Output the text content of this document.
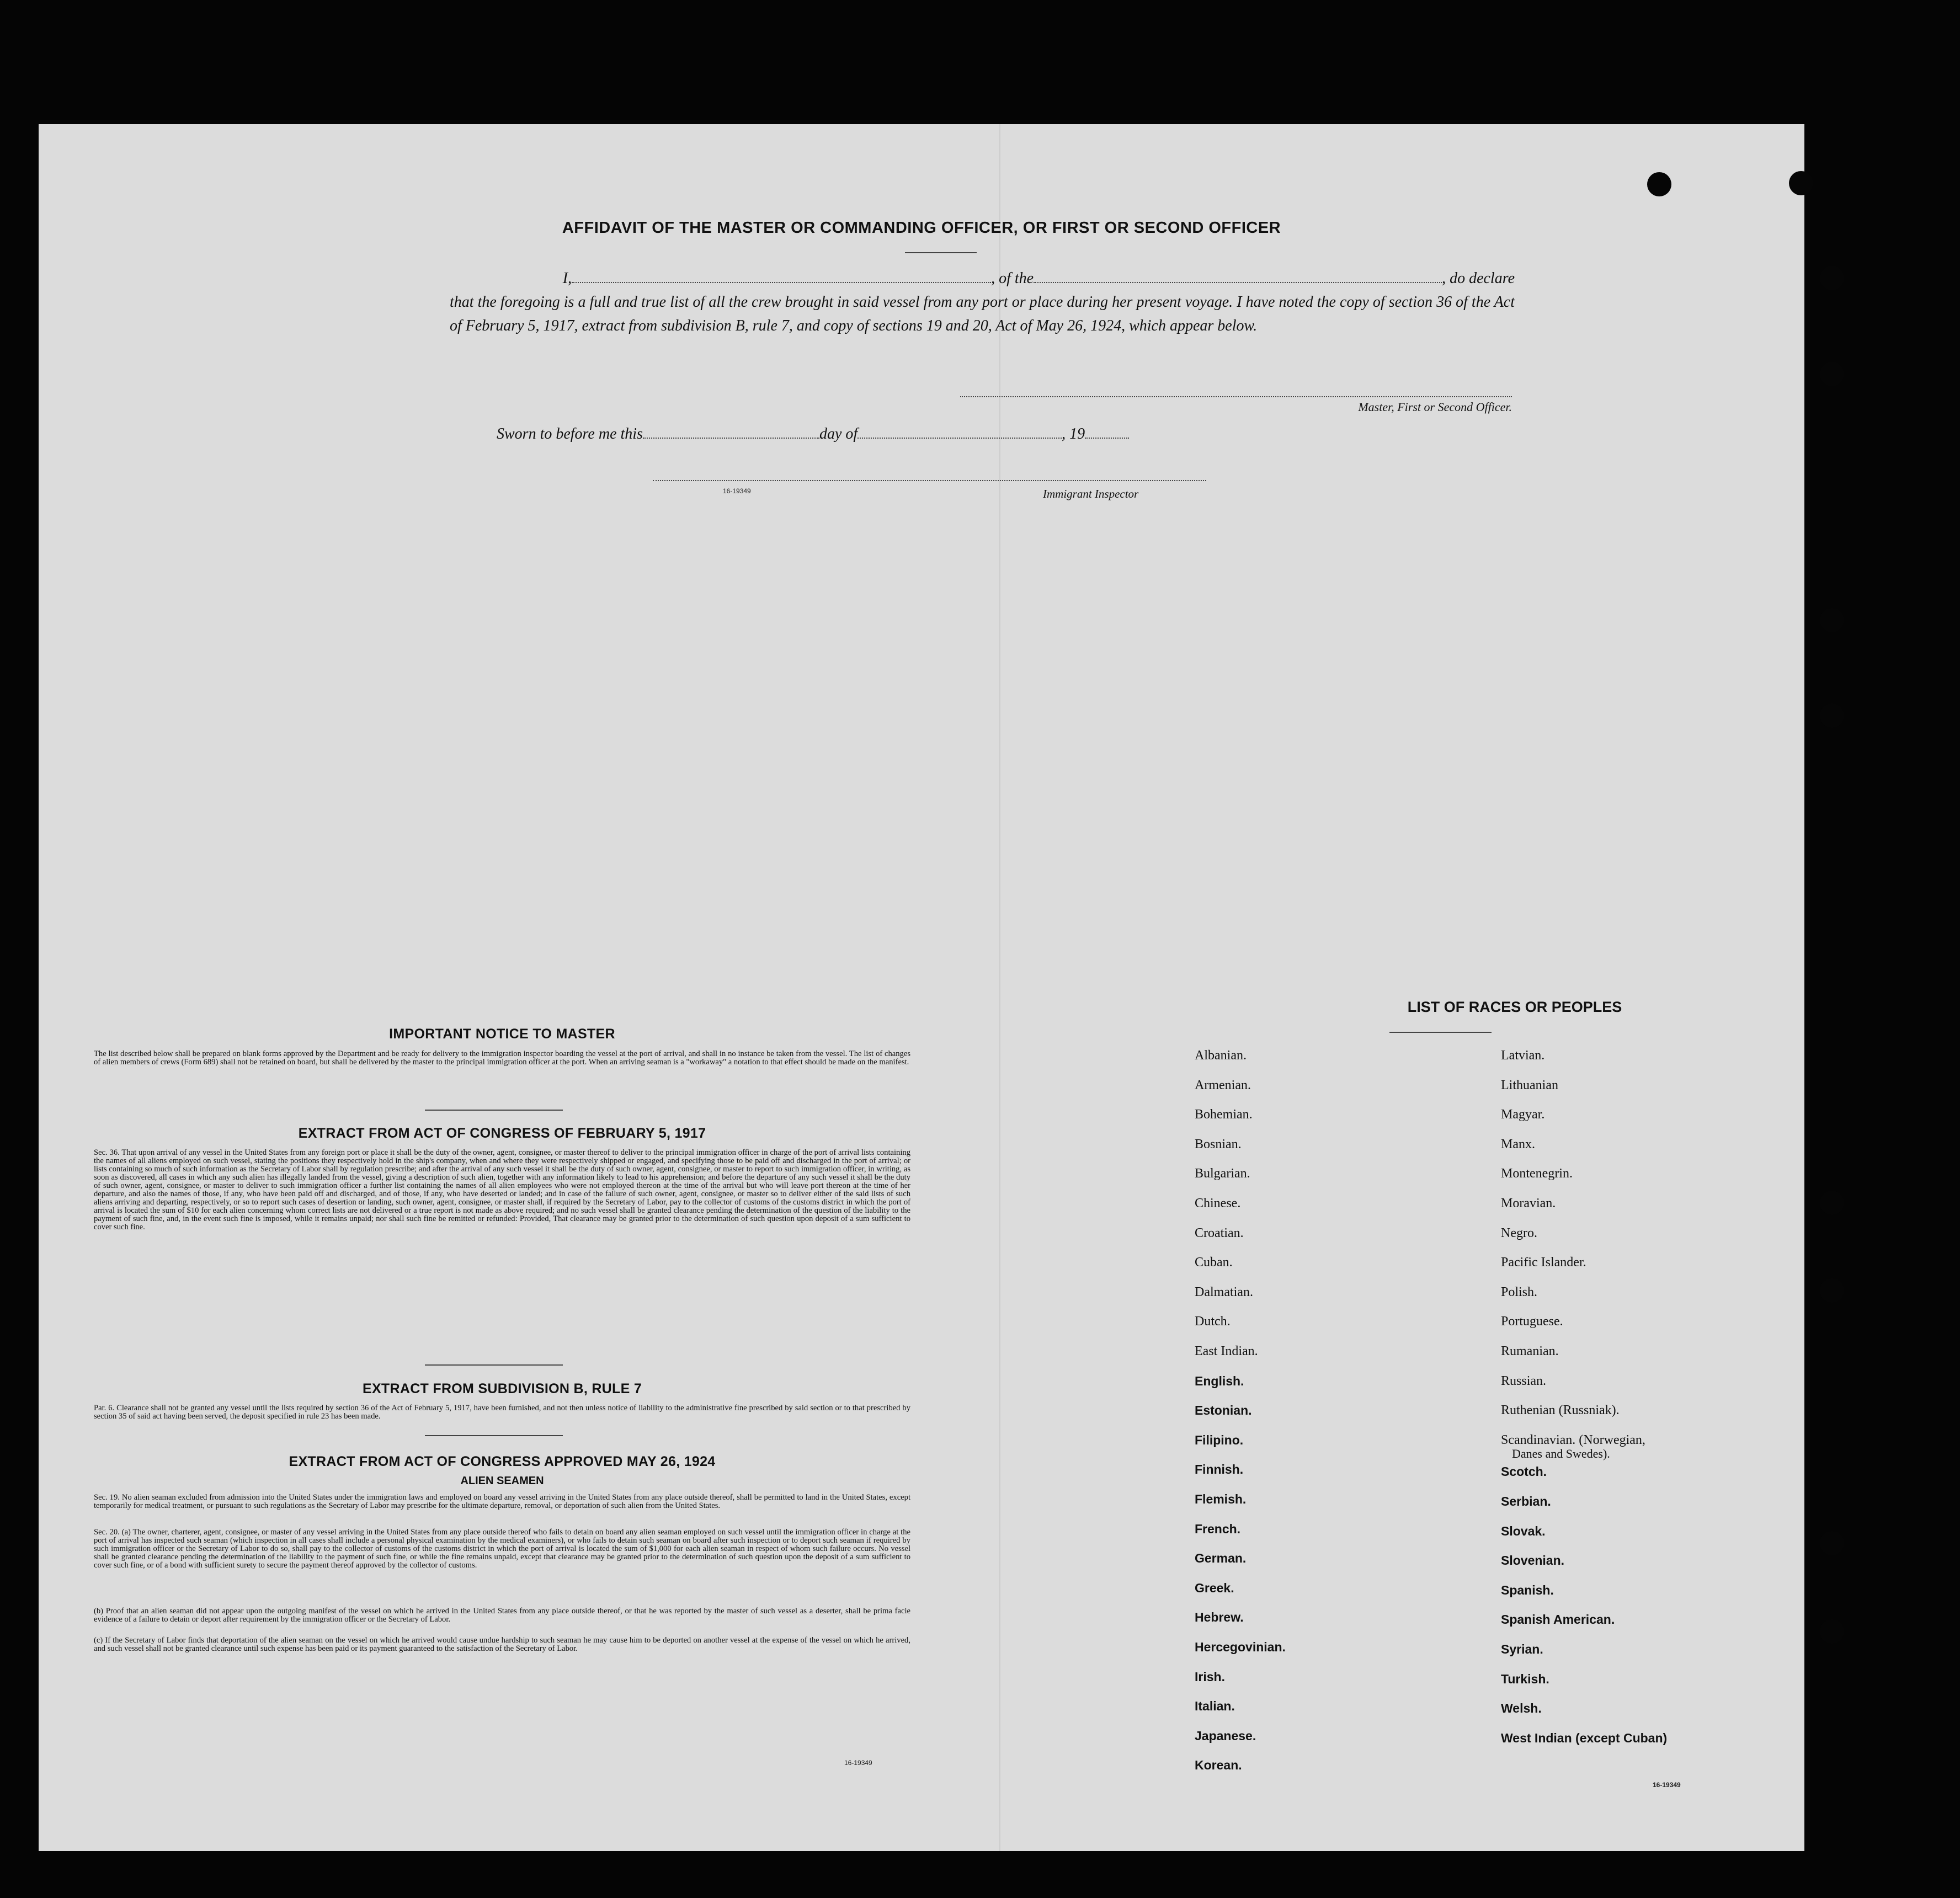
AFFIDAVIT OF THE MASTER OR COMMANDING OFFICER, OR FIRST OR SECOND OFFICER
I,	, of the	, do declare
that the foregoing is a full and true list of all the crew brought in said vessel from any port or place during her present voyage. I have noted the copy of section 36 of the Act of February 5, 1917, extract from subdivision B, rule 7, and copy of sections 19 and 20, Act of May 26, 1924, which appear below.
Master, First or Second Officer.
Sworn to before me this	day of	, 19
16-19349	Immigrant Inspector
IMPORTANT NOTICE TO MASTER
The list described below shall be prepared on blank forms approved by the Department and be ready for delivery to the immigration inspector boarding the vessel at the port of arrival, and shall in no instance be taken from the vessel. The list of changes of alien members of crews (Form 689) shall not be retained on board, but shall be delivered by the master to the principal immigration officer at the port. When an arriving seaman is a "workaway" a notation to that effect should be made on the manifest.
EXTRACT FROM ACT OF CONGRESS OF FEBRUARY 5, 1917
Sec. 36. That upon arrival of any vessel in the United States from any foreign port or place it shall be the duty of the owner, agent, consignee, or master thereof to deliver to the principal immigration officer in charge of the port of arrival lists containing the names of all aliens employed on such vessel, stating the positions they respectively hold in the ship's company, when and where they were respectively shipped or engaged, and specifying those to be paid off and discharged in the port of arrival; or lists containing so much of such information as the Secretary of Labor shall by regulation prescribe; and after the arrival of any such vessel it shall be the duty of such owner, agent, consignee, or master to report to such immigration officer, in writing, as soon as discovered, all cases in which any such alien has illegally landed from the vessel, giving a description of such alien, together with any information likely to lead to his apprehension; and before the departure of any such vessel it shall be the duty of such owner, agent, consignee, or master to deliver to such immigration officer a further list containing the names of all alien employees who were not employed thereon at the time of the arrival but who will leave port thereon at the time of her departure, and also the names of those, if any, who have been paid off and discharged, and of those, if any, who have deserted or landed; and in case of the failure of such owner, agent, consignee, or master so to deliver either of the said lists of such aliens arriving and departing, respectively, or so to report such cases of desertion or landing, such owner, agent, consignee, or master shall, if required by the Secretary of Labor, pay to the collector of customs of the customs district in which the port of arrival is located the sum of $10 for each alien concerning whom correct lists are not delivered or a true report is not made as above required; and no such vessel shall be granted clearance pending the determination of the question of the liability to the payment of such fine, and, in the event such fine is imposed, while it remains unpaid; nor shall such fine be remitted or refunded: Provided, That clearance may be granted prior to the determination of such question upon deposit of a sum sufficient to cover such fine.
EXTRACT FROM SUBDIVISION B, RULE 7
Par. 6. Clearance shall not be granted any vessel until the lists required by section 36 of the Act of February 5, 1917, have been furnished, and not then unless notice of liability to the administrative fine prescribed by said section or to that prescribed by section 35 of said act having been served, the deposit specified in rule 23 has been made.
EXTRACT FROM ACT OF CONGRESS APPROVED MAY 26, 1924
ALIEN SEAMEN
Sec. 19. No alien seaman excluded from admission into the United States under the immigration laws and employed on board any vessel arriving in the United States from any place outside thereof, shall be permitted to land in the United States, except temporarily for medical treatment, or pursuant to such regulations as the Secretary of Labor may prescribe for the ultimate departure, removal, or deportation of such alien from the United States.
Sec. 20. (a) The owner, charterer, agent, consignee, or master of any vessel arriving in the United States from any place outside thereof who fails to detain on board any alien seaman employed on such vessel until the immigration officer in charge at the port of arrival has inspected such seaman (which inspection in all cases shall include a personal physical examination by the medical examiners), or who fails to detain such seaman on board after such inspection or to deport such seaman if required by such immigration officer or the Secretary of Labor to do so, shall pay to the collector of customs of the customs district in which the port of arrival is located the sum of $1,000 for each alien seaman in respect of whom such failure occurs. No vessel shall be granted clearance pending the determination of the liability to the payment of such fine, or while the fine remains unpaid, except that clearance may be granted prior to the determination of such question upon the deposit of a sum sufficient to cover such fine, or of a bond with sufficient surety to secure the payment thereof approved by the collector of customs.
(b) Proof that an alien seaman did not appear upon the outgoing manifest of the vessel on which he arrived in the United States from any place outside thereof, or that he was reported by the master of such vessel as a deserter, shall be prima facie evidence of a failure to detain or deport after requirement by the immigration officer or the Secretary of Labor.
(c) If the Secretary of Labor finds that deportation of the alien seaman on the vessel on which he arrived would cause undue hardship to such seaman he may cause him to be deported on another vessel at the expense of the vessel on which he arrived, and such vessel shall not be granted clearance until such expense has been paid or its payment guaranteed to the satisfaction of the Secretary of Labor.
16-19349
LIST OF RACES OR PEOPLES
Albanian.
Armenian.
Bohemian.
Bosnian.
Bulgarian.
Chinese.
Croatian.
Cuban.
Dalmatian.
Dutch.
East Indian.
English.
Estonian.
Filipino.
Finnish.
Flemish.
French.
German.
Greek.
Hebrew.
Hercegovinian.
Irish.
Italian.
Japanese.
Korean.
Latvian.
Lithuanian
Magyar.
Manx.
Montenegrin.
Moravian.
Negro.
Pacific Islander.
Polish.
Portuguese.
Rumanian.
Russian.
Ruthenian (Russniak).
Scandinavian. (Norwegian,
Scotch.
Serbian.
Slovak.
Slovenian.
Spanish.
Spanish American.
Syrian.
Turkish.
Welsh.
West Indian (except Cuban)
Danes and Swedes).
16-19349
